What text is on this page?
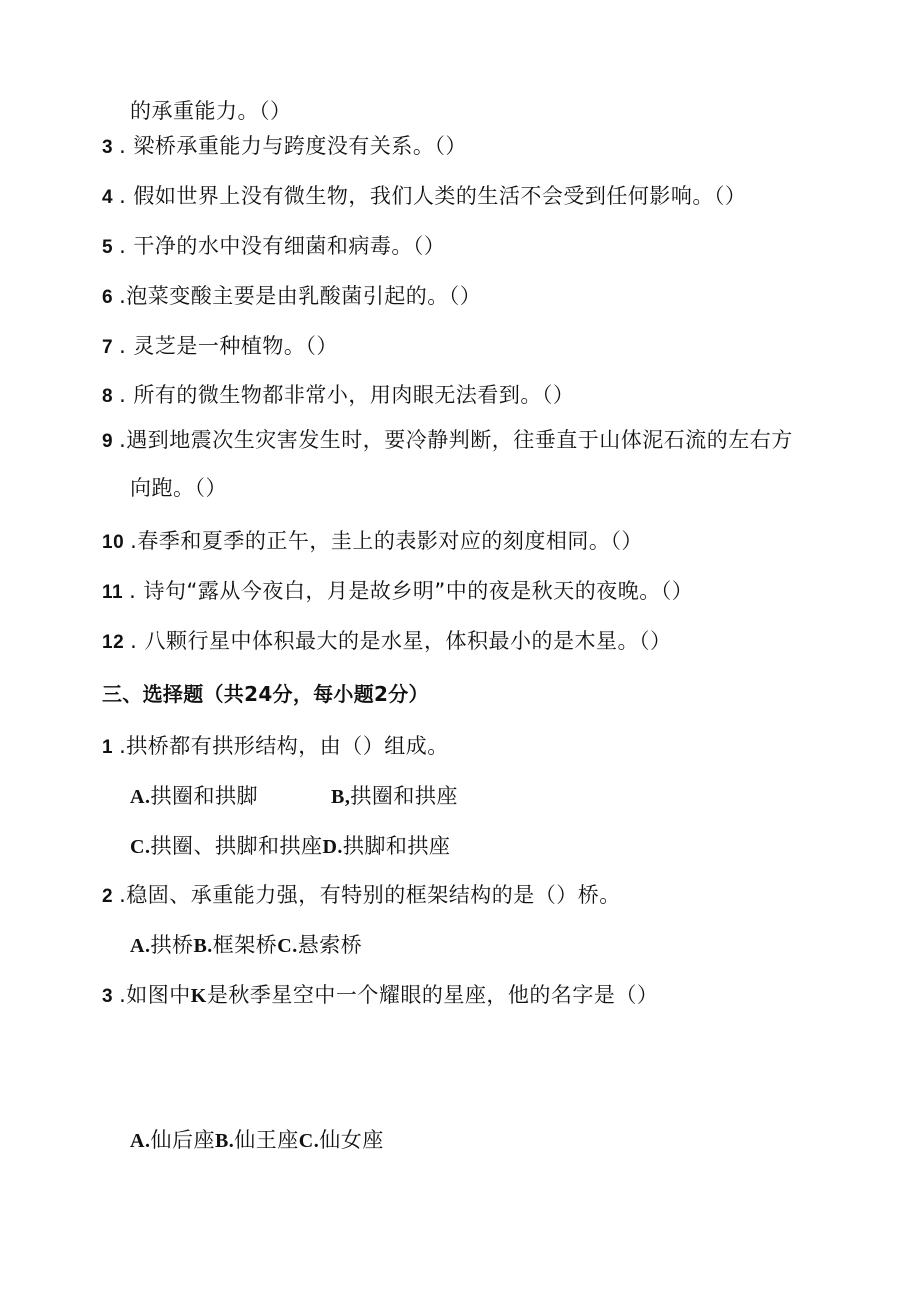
的承重能力。（）
3 . 梁桥承重能力与跨度没有关系。（）
4 . 假如世界上没有微生物，我们人类的生活不会受到任何影响。（）
5 . 干净的水中没有细菌和病毒。（）
6 .泡菜变酸主要是由乳酸菌引起的。（）
7 . 灵芝是一种植物。（）
8 . 所有的微生物都非常小，用肉眼无法看到。（）
9 .遇到地震次生灾害发生时，要冷静判断，往垂直于山体泥石流的左右方
向跑。（）
10 .春季和夏季的正午，圭上的表影对应的刻度相同。（）
11 . 诗句“露从今夜白，月是故乡明”中的夜是秋天的夜晚。（）
12 . 八颗行星中体积最大的是水星，体积最小的是木星。（）
三、选择题（共24分，每小题2分）
1 .拱桥都有拱形结构，由（）组成。
A.拱圈和拱脚	B,拱圈和拱座
C.拱圈、拱脚和拱座D.拱脚和拱座
2 .稳固、承重能力强，有特别的框架结构的是（）桥。
A.拱桥B.框架桥C.悬索桥
3 .如图中K是秋季星空中一个耀眼的星座，他的名字是（）
A.仙后座B.仙王座C.仙女座
